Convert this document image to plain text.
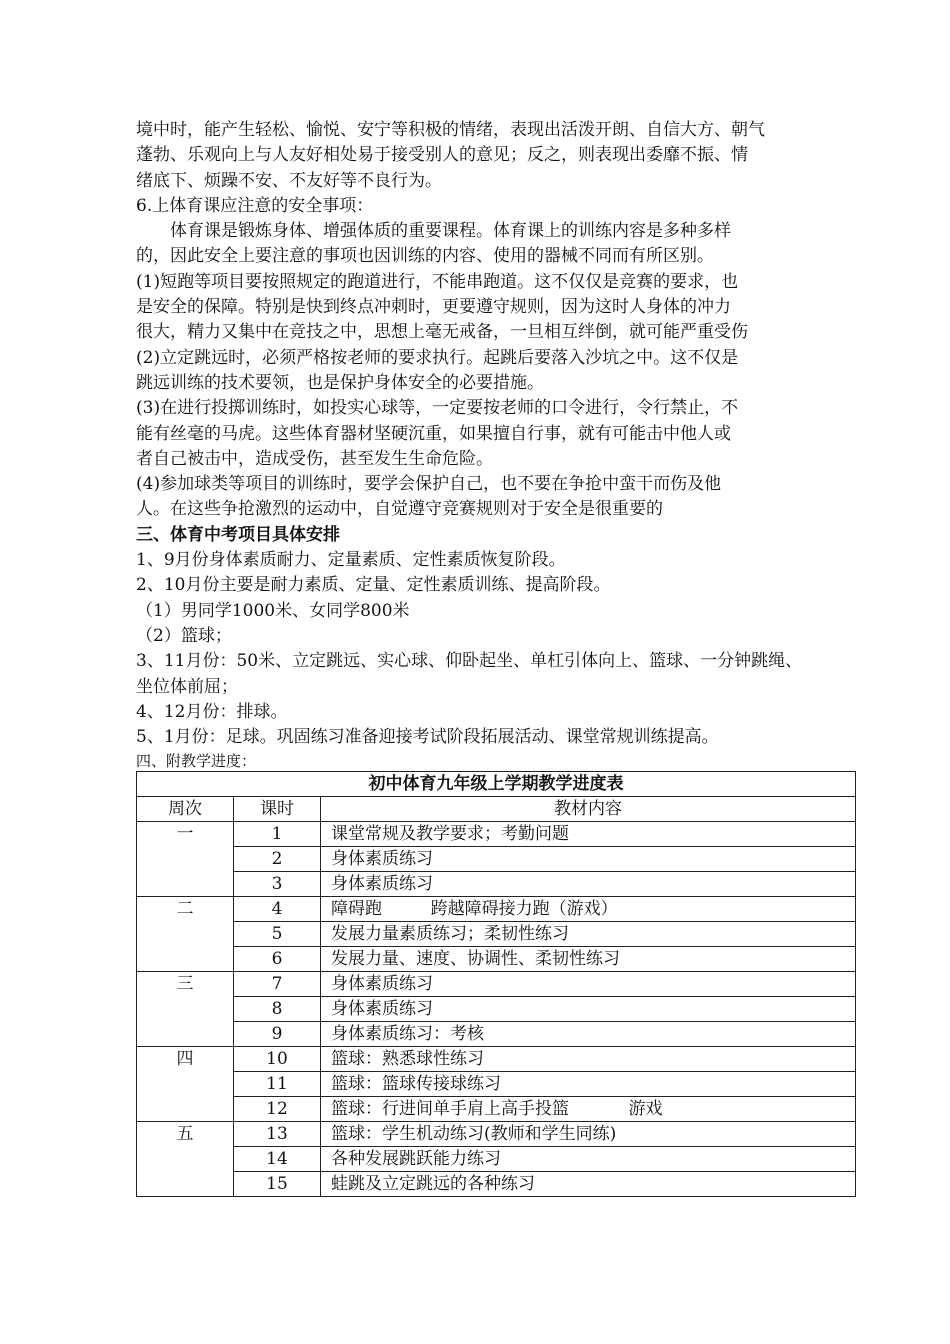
境中时，能产生轻松、愉悦、安宁等积极的情绪，表现出活泼开朗、自信大方、朝气
蓬勃、乐观向上与人友好相处易于接受别人的意见；反之，则表现出委靡不振、情
绪底下、烦躁不安、不友好等不良行为。
6.上体育课应注意的安全事项：
体育课是锻炼身体、增强体质的重要课程。体育课上的训练内容是多种多样
的，因此安全上要注意的事项也因训练的内容、使用的器械不同而有所区别。
(1)短跑等项目要按照规定的跑道进行，不能串跑道。这不仅仅是竞赛的要求，也
是安全的保障。特别是快到终点冲刺时，更要遵守规则，因为这时人身体的冲力
很大，精力又集中在竞技之中，思想上毫无戒备，一旦相互绊倒，就可能严重受伤
(2)立定跳远时，必须严格按老师的要求执行。起跳后要落入沙坑之中。这不仅是
跳远训练的技术要领，也是保护身体安全的必要措施。
(3)在进行投掷训练时，如投实心球等，一定要按老师的口令进行，令行禁止，不
能有丝毫的马虎。这些体育器材坚硬沉重，如果擅自行事，就有可能击中他人或
者自己被击中，造成受伤，甚至发生生命危险。
(4)参加球类等项目的训练时，要学会保护自己，也不要在争抢中蛮干而伤及他
人。在这些争抢激烈的运动中，自觉遵守竞赛规则对于安全是很重要的
三、体育中考项目具体安排
1、9月份身体素质耐力、定量素质、定性素质恢复阶段。
2、10月份主要是耐力素质、定量、定性素质训练、提高阶段。
（1）男同学1000米、女同学800米
（2）篮球；
3、11月份：50米、立定跳远、实心球、仰卧起坐、单杠引体向上、篮球、一分钟跳绳、
坐位体前屈；
4、12月份：排球。
5、1月份：足球。巩固练习准备迎接考试阶段拓展活动、课堂常规训练提高。
四、附教学进度：
初中体育九年级上学期教学进度表		
周次	课时	教材内容
一	1	课堂常规及教学要求；考勤问题
	2	身体素质练习
	3	身体素质练习
二	4	障碍跑         跨越障碍接力跑（游戏）
	5	发展力量素质练习；柔韧性练习
	6	发展力量、速度、协调性、柔韧性练习
三	7	身体素质练习
	8	身体素质练习
	9	身体素质练习：考核
四	10	篮球：熟悉球性练习
	11	篮球：篮球传接球练习
	12	篮球：行进间单手肩上高手投篮           游戏
五	13	篮球：学生机动练习(教师和学生同练)
	14	各种发展跳跃能力练习
	15	蛙跳及立定跳远的各种练习
